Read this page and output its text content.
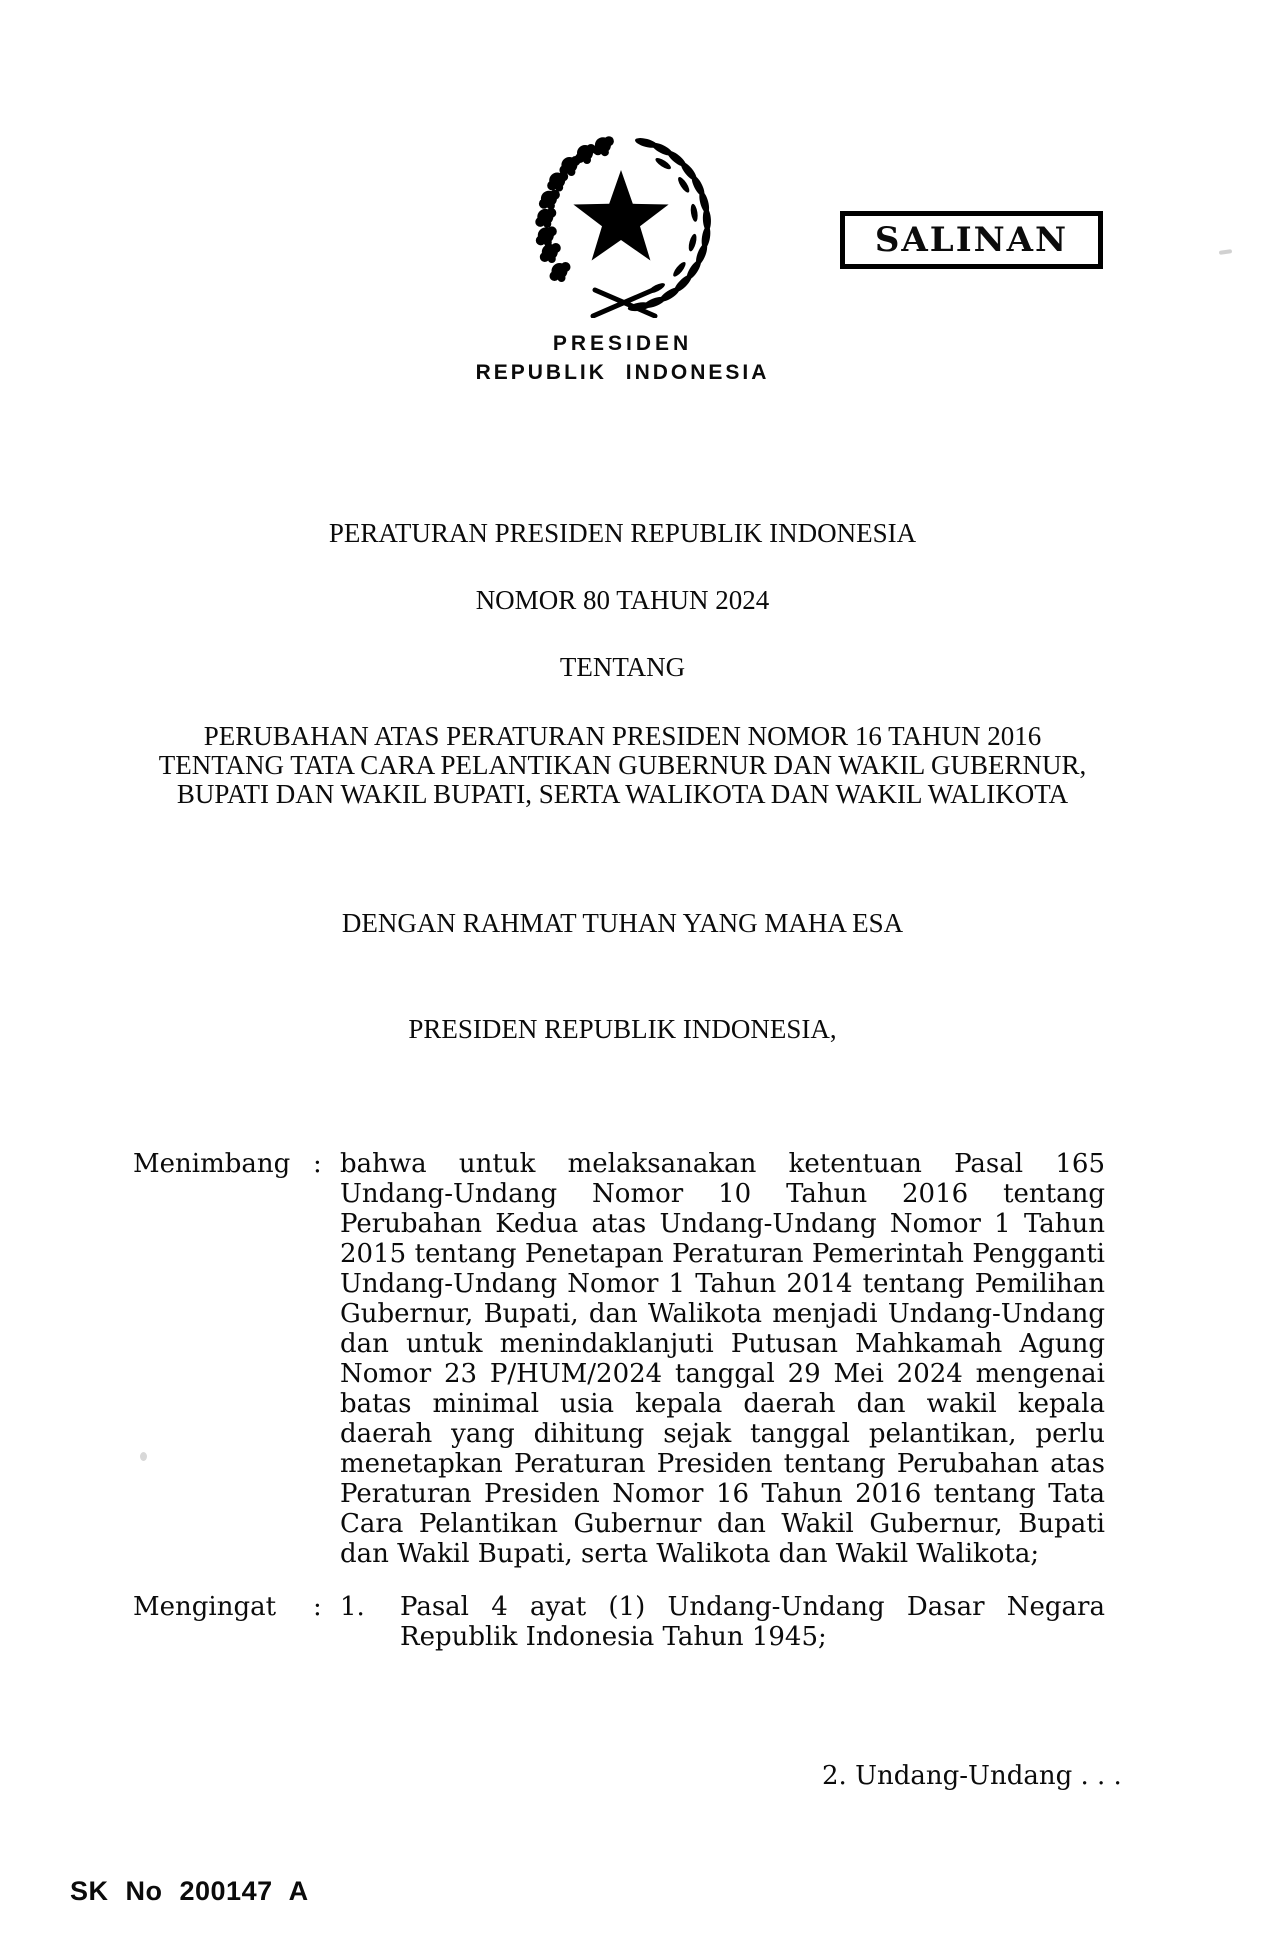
SALINAN
PRESIDEN
REPUBLIK INDONESIA
PERATURAN PRESIDEN REPUBLIK INDONESIA
NOMOR 80 TAHUN 2024
TENTANG
PERUBAHAN ATAS PERATURAN PRESIDEN NOMOR 16 TAHUN 2016
TENTANG TATA CARA PELANTIKAN GUBERNUR DAN WAKIL GUBERNUR,
BUPATI DAN WAKIL BUPATI, SERTA WALIKOTA DAN WAKIL WALIKOTA
DENGAN RAHMAT TUHAN YANG MAHA ESA
PRESIDEN REPUBLIK INDONESIA,
Menimbang : bahwa untuk melaksanakan ketentuan Pasal 165 Undang-Undang Nomor 10 Tahun 2016 tentang Perubahan Kedua atas Undang-Undang Nomor 1 Tahun 2015 tentang Penetapan Peraturan Pemerintah Pengganti Undang-Undang Nomor 1 Tahun 2014 tentang Pemilihan Gubernur, Bupati, dan Walikota menjadi Undang-Undang dan untuk menindaklanjuti Putusan Mahkamah Agung Nomor 23 P/HUM/2024 tanggal 29 Mei 2024 mengenai batas minimal usia kepala daerah dan wakil kepala daerah yang dihitung sejak tanggal pelantikan, perlu menetapkan Peraturan Presiden tentang Perubahan atas Peraturan Presiden Nomor 16 Tahun 2016 tentang Tata Cara Pelantikan Gubernur dan Wakil Gubernur, Bupati dan Wakil Bupati, serta Walikota dan Wakil Walikota;
Mengingat	: 1.	Pasal 4 ayat (1) Undang-Undang Dasar Negara Republik Indonesia Tahun 1945;
2. Undang-Undang . . .
SK No 200147 A
